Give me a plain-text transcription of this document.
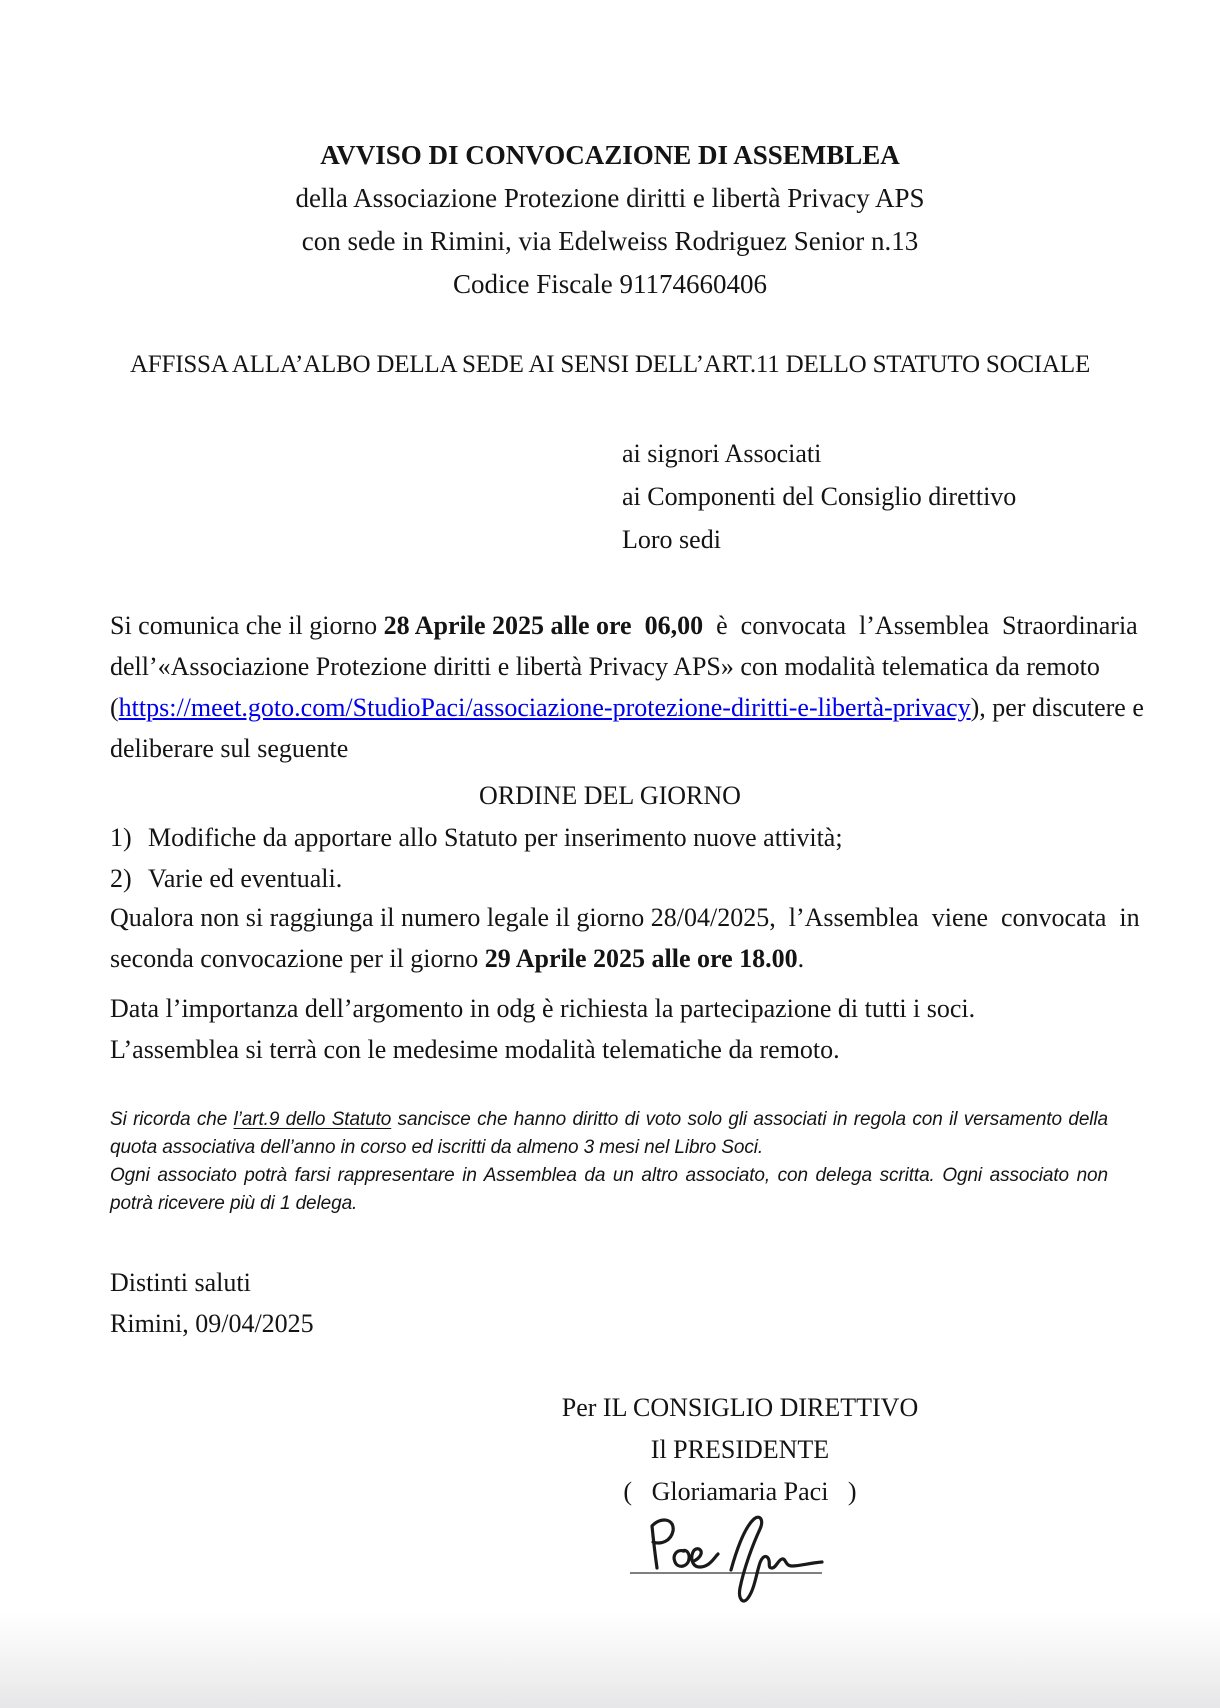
AVVISO DI CONVOCAZIONE DI ASSEMBLEA
della Associazione Protezione diritti e libertà Privacy APS
con sede in Rimini, via Edelweiss Rodriguez Senior n.13
Codice Fiscale 91174660406
AFFISSA ALLA’ALBO DELLA SEDE AI SENSI DELL’ART.11 DELLO STATUTO SOCIALE
ai signori Associati
ai Componenti del Consiglio direttivo
Loro sedi
Si comunica che il giorno 28 Aprile 2025 alle ore  06,00  è  convocata  l’Assemblea  Straordinaria
dell’«Associazione Protezione diritti e libertà Privacy APS» con modalità telematica da remoto
(https://meet.goto.com/StudioPaci/associazione-protezione-diritti-e-libertà-privacy), per discutere e
deliberare sul seguente
ORDINE DEL GIORNO
1) Modifiche da apportare allo Statuto per inserimento nuove attività;
2) Varie ed eventuali.
Qualora non si raggiunga il numero legale il giorno 28/04/2025,  l’Assemblea  viene  convocata  in
seconda convocazione per il giorno 29 Aprile 2025 alle ore 18.00.
Data l’importanza dell’argomento in odg è richiesta la partecipazione di tutti i soci.
L’assemblea si terrà con le medesime modalità telematiche da remoto.
Si ricorda che l’art.9 dello Statuto sancisce che hanno diritto di voto solo gli associati in regola con il versamento della quota associativa dell’anno in corso ed iscritti da almeno 3 mesi nel Libro Soci.
Ogni associato potrà farsi rappresentare in Assemblea da un altro associato, con delega scritta. Ogni associato non potrà ricevere più di 1 delega.
Distinti saluti
Rimini, 09/04/2025
Per IL CONSIGLIO DIRETTIVO
Il PRESIDENTE
(   Gloriamaria Paci   )
